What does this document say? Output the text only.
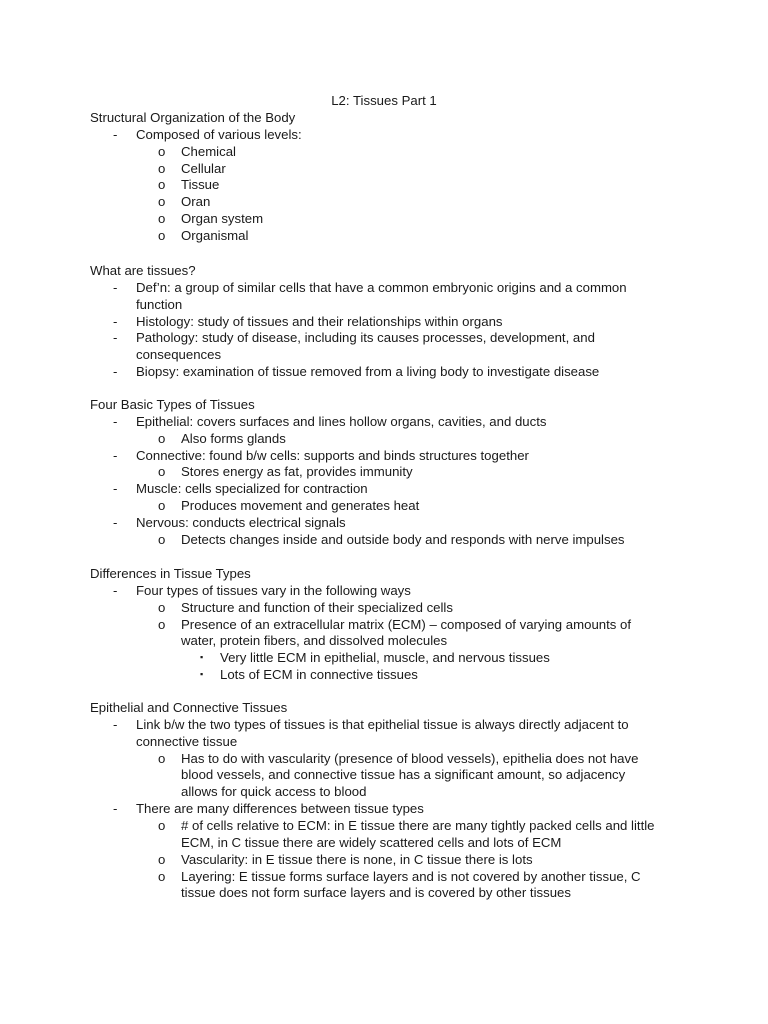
L2: Tissues Part 1
Structural Organization of the Body
- Composed of various levels:
o Chemical
o Cellular
o Tissue
o Oran
o Organ system
o Organismal
What are tissues?
- Def’n: a group of similar cells that have a common embryonic origins and a common
function
- Histology: study of tissues and their relationships within organs
- Pathology: study of disease, including its causes processes, development, and
consequences
- Biopsy: examination of tissue removed from a living body to investigate disease
Four Basic Types of Tissues
- Epithelial: covers surfaces and lines hollow organs, cavities, and ducts
o Also forms glands
- Connective: found b/w cells: supports and binds structures together
o Stores energy as fat, provides immunity
- Muscle: cells specialized for contraction
o Produces movement and generates heat
- Nervous: conducts electrical signals
o Detects changes inside and outside body and responds with nerve impulses
Differences in Tissue Types
- Four types of tissues vary in the following ways
o Structure and function of their specialized cells
o Presence of an extracellular matrix (ECM) – composed of varying amounts of
water, protein fibers, and dissolved molecules
▪ Very little ECM in epithelial, muscle, and nervous tissues
▪ Lots of ECM in connective tissues
Epithelial and Connective Tissues
- Link b/w the two types of tissues is that epithelial tissue is always directly adjacent to
connective tissue
o Has to do with vascularity (presence of blood vessels), epithelia does not have
blood vessels, and connective tissue has a significant amount, so adjacency
allows for quick access to blood
- There are many differences between tissue types
o # of cells relative to ECM: in E tissue there are many tightly packed cells and little
ECM, in C tissue there are widely scattered cells and lots of ECM
o Vascularity: in E tissue there is none, in C tissue there is lots
o Layering: E tissue forms surface layers and is not covered by another tissue, C
tissue does not form surface layers and is covered by other tissues
